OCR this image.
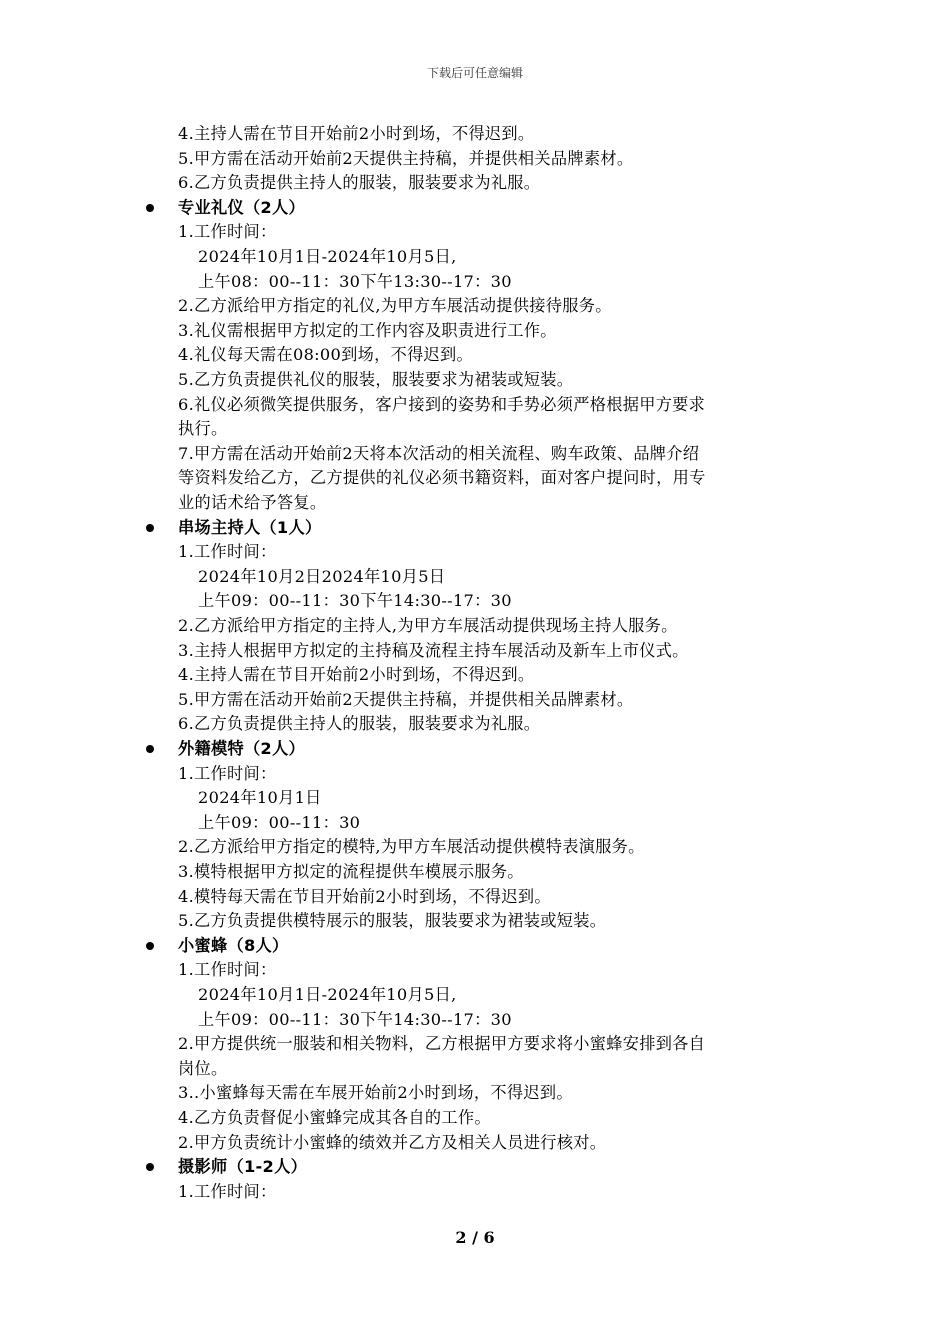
下载后可任意编辑
4.主持人需在节目开始前2小时到场，不得迟到。
5.甲方需在活动开始前2天提供主持稿，并提供相关品牌素材。
6.乙方负责提供主持人的服装，服装要求为礼服。
专业礼仪（2人）
1.工作时间：
2024年10月1日-2024年10月5日,
上午08：00--11：30下午13:30--17：30
2.乙方派给甲方指定的礼仪,为甲方车展活动提供接待服务。
3.礼仪需根据甲方拟定的工作内容及职责进行工作。
4.礼仪每天需在08:00到场，不得迟到。
5.乙方负责提供礼仪的服装，服装要求为裙装或短装。
6.礼仪必须微笑提供服务，客户接到的姿势和手势必须严格根据甲方要求
执行。
7.甲方需在活动开始前2天将本次活动的相关流程、购车政策、品牌介绍
等资料发给乙方，乙方提供的礼仪必须书籍资料，面对客户提问时，用专
业的话术给予答复。
串场主持人（1人）
1.工作时间：
2024年10月2日2024年10月5日
上午09：00--11：30下午14:30--17：30
2.乙方派给甲方指定的主持人,为甲方车展活动提供现场主持人服务。
3.主持人根据甲方拟定的主持稿及流程主持车展活动及新车上市仪式。
4.主持人需在节目开始前2小时到场，不得迟到。
5.甲方需在活动开始前2天提供主持稿，并提供相关品牌素材。
6.乙方负责提供主持人的服装，服装要求为礼服。
外籍模特（2人）
1.工作时间：
2024年10月1日
上午09：00--11：30
2.乙方派给甲方指定的模特,为甲方车展活动提供模特表演服务。
3.模特根据甲方拟定的流程提供车模展示服务。
4.模特每天需在节目开始前2小时到场，不得迟到。
5.乙方负责提供模特展示的服装，服装要求为裙装或短装。
小蜜蜂（8人）
1.工作时间：
2024年10月1日-2024年10月5日,
上午09：00--11：30下午14:30--17：30
2.甲方提供统一服装和相关物料，乙方根据甲方要求将小蜜蜂安排到各自
岗位。
3..小蜜蜂每天需在车展开始前2小时到场，不得迟到。
4.乙方负责督促小蜜蜂完成其各自的工作。
2.甲方负责统计小蜜蜂的绩效并乙方及相关人员进行核对。
摄影师（1-2人）
1.工作时间：
2 / 6
